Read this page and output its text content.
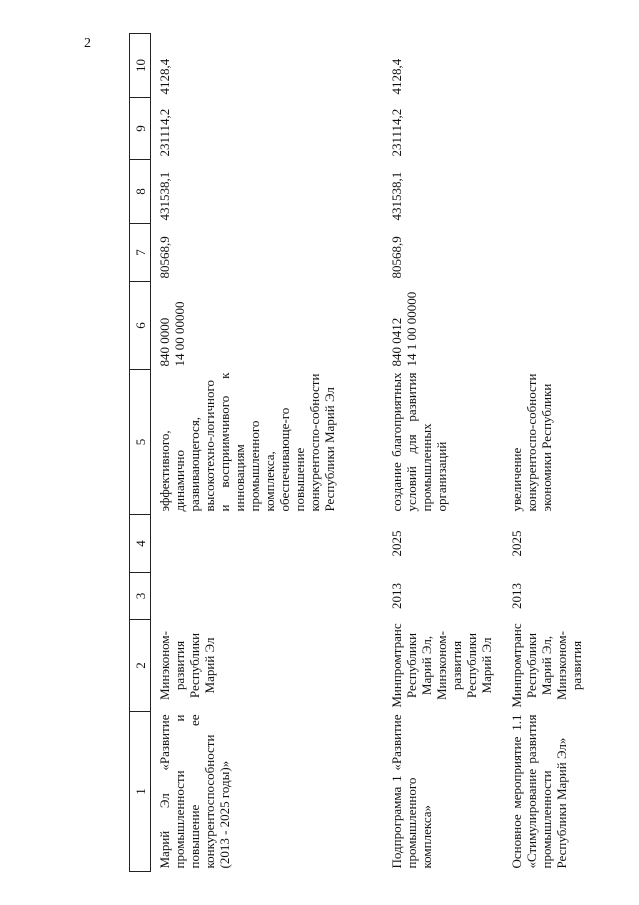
2
1	2	3	4	5	6	7	8	9	10
Марий Эл «Развитие промышленности и повышение ее конкурентоспособности (2013 - 2025 годы)»	Минэконом-развития Республики Марий Эл			эффективного, динамично развивающегося, высокотехно-логичного и восприимчивого к инновациям промышленного комплекса, обеспечивающе-го повышение конкурентоспо-собности Республики Марий Эл	840 0000
14 00 00000	80568,9	431538,1	231114,2	4128,4
Подпрограмма 1 «Развитие промышленного комплекса»	Минпромтранс Республики Марий Эл, Минэконом-развития Республики Марий Эл	2013	2025	создание благоприятных условий для развития промышленных организаций	840 0412
14 1 00 00000	80568,9	431538,1	231114,2	4128,4
Основное мероприятие 1.1 «Стимулирование развития промышленности Республики Марий Эл»	Минпромтранс Республики Марий Эл, Минэконом-развития	2013	2025	увеличение конкурентоспо-собности экономики Республики					
